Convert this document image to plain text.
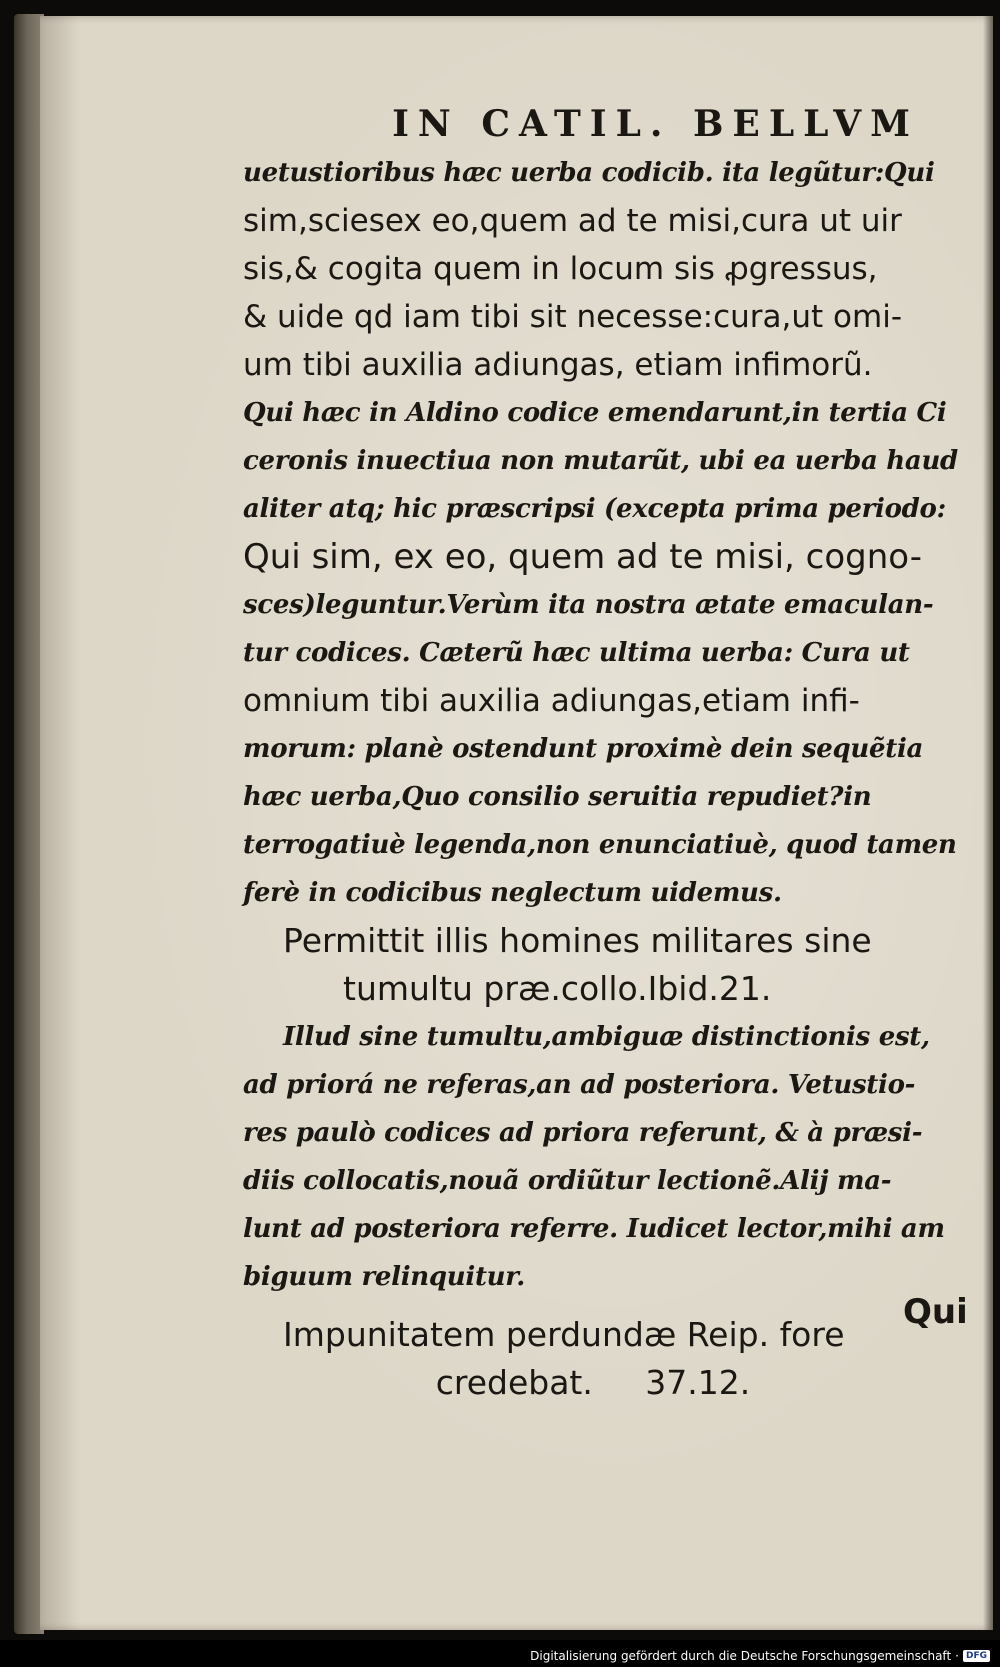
IN CATIL. BELLVM
uetustioribus hæc uerba codicib. ita legũtur:Qui
sim,sciesex eo,quem ad te misi,cura ut uir
sis,& cogita quem in locum sis ꝓgressus,
& uide qd iam tibi sit necesse:cura,ut omi-
um tibi auxilia adiungas, etiam infimorũ.
Qui hæc in Aldino codice emendarunt,in tertia Ci
ceronis inuectiua non mutarũt, ubi ea uerba haud
aliter atq; hic præscripsi (excepta prima periodo:
Qui sim, ex eo, quem ad te misi, cogno-
sces)leguntur.Verùm ita nostra ætate emaculan-
tur codices. Cæterũ hæc ultima uerba: Cura ut
omnium tibi auxilia adiungas,etiam infi-
morum: planè ostendunt proximè dein sequẽtia
hæc uerba,Quo consilio seruitia repudiet?in
terrogatiuè legenda,non enunciatiuè, quod tamen
ferè in codicibus neglectum uidemus.
Permittit illis homines militares sine
tumultu præ.collo.Ibid.21.
Illud sine tumultu,ambiguæ distinctionis est,
ad priorá ne referas,an ad posteriora. Vetustio-
res paulò codices ad priora referunt, & à præsi-
diis collocatis,nouã ordiũtur lectionẽ.Alij ma-
lunt ad posteriora referre. Iudicet lector,mihi am
biguum relinquitur.
Impunitatem perdundæ Reip. fore
credebat.     37.12.
Qui
Digitalisierung gefördert durch die Deutsche Forschungsgemeinschaft · DFG
